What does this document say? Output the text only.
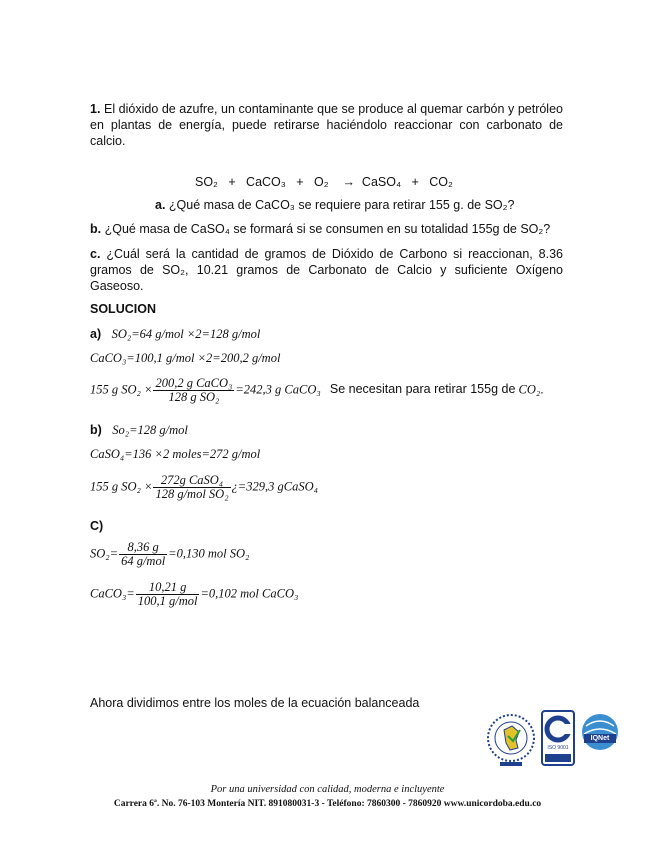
1. El dióxido de azufre, un contaminante que se produce al quemar carbón y petróleo en plantas de energía, puede retirarse haciéndolo reaccionar con carbonato de calcio.
SO₂   +   CaCO₃   +   O₂    →  CaSO₄   +   CO₂
a. ¿Qué masa de CaCO₃ se requiere para retirar 155 g. de SO₂?
b. ¿Qué masa de CaSO₄ se formará si se consumen en su totalidad 155g de SO₂?
c. ¿Cuál será la cantidad de gramos de Dióxido de Carbono si reaccionan, 8.36 gramos de SO₂, 10.21 gramos de Carbonato de Calcio y suficiente Oxígeno Gaseoso.
SOLUCION
a) SO₂=64 g/mol ×2=128 g/mol
CaCO₃=100,1 g/mol ×2=200,2 g/mol
155 g $SO_2 \times \frac{\text{200,2 g CaCO₃}}{\text{128 g SO₂}} =242,3$ g CaCO₃ Se necesitan para retirar 155g de CO₂.
b) So₂=128 g/mol
CaSO₄=136 ×2 moles=272 g/mol
155 g $SO_2 \times \frac{\text{272g CaSO₄}}{\text{128 g/mol SO₂}}$ ¿=329,3 gCaSO₄
C)
$SO_2= \frac{8,36 g}{\text{64 g/mol}} =0,130$ mol SO₂
CaCO₃= $\frac{10,21 g}{\text{100,1 g/mol}} =0,102$ mol CaCO₃
Ahora dividimos entre los moles de la ecuación balanceada
ISO 9001
IQNet
Por una universidad con calidad, moderna e incluyente
Carrera 6ª. No. 76-103 Montería NIT. 891080031-3 - Teléfono: 7860300 - 7860920 www.unicordoba.edu.co
